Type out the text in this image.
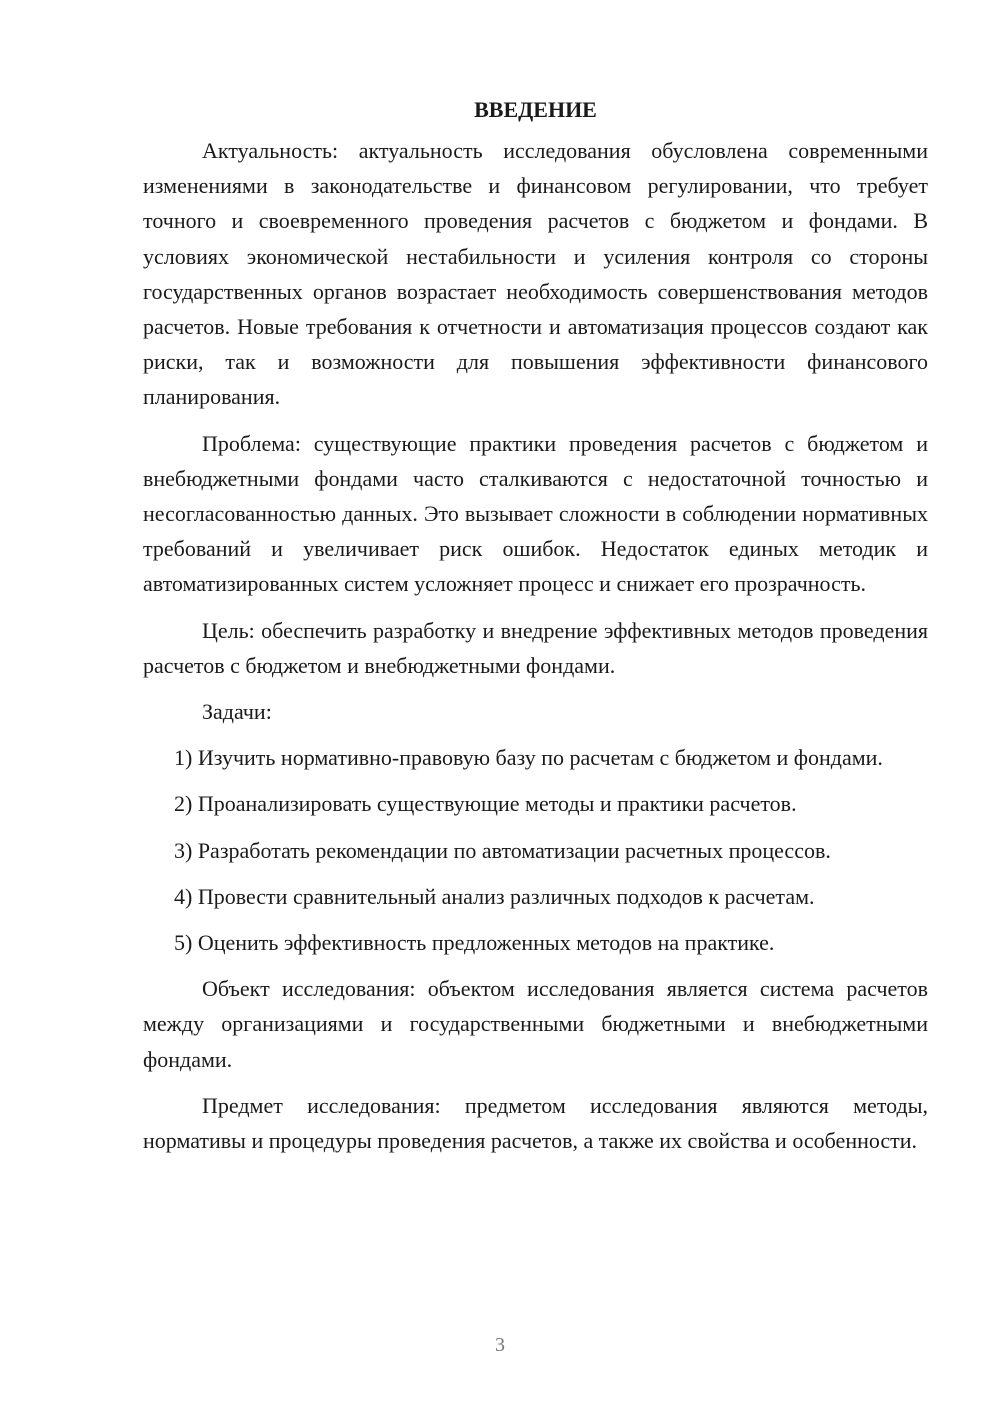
ВВЕДЕНИЕ

Актуальность: актуальность исследования обусловлена современными изменениями в законодательстве и финансовом регулировании, что требует точного и своевременного проведения расчетов с бюджетом и фондами. В условиях экономической нестабильности и усиления контроля со стороны государственных органов возрастает необходимость совершенствования методов расчетов. Новые требования к отчетности и автоматизация процессов создают как риски, так и возможности для повышения эффективности финансового планирования.

Проблема: существующие практики проведения расчетов с бюджетом и внебюджетными фондами часто сталкиваются с недостаточной точностью и несогласованностью данных. Это вызывает сложности в соблюдении нормативных требований и увеличивает риск ошибок. Недостаток единых методик и автоматизированных систем усложняет процесс и снижает его прозрачность.

Цель: обеспечить разработку и внедрение эффективных методов проведения расчетов с бюджетом и внебюджетными фондами.

Задачи:

1) Изучить нормативно-правовую базу по расчетам с бюджетом и фондами.

2) Проанализировать существующие методы и практики расчетов.

3) Разработать рекомендации по автоматизации расчетных процессов.

4) Провести сравнительный анализ различных подходов к расчетам.

5) Оценить эффективность предложенных методов на практике.

Объект исследования: объектом исследования является система расчетов между организациями и государственными бюджетными и внебюджетными фондами.

Предмет исследования: предметом исследования являются методы, нормативы и процедуры проведения расчетов, а также их свойства и особенности.

3
